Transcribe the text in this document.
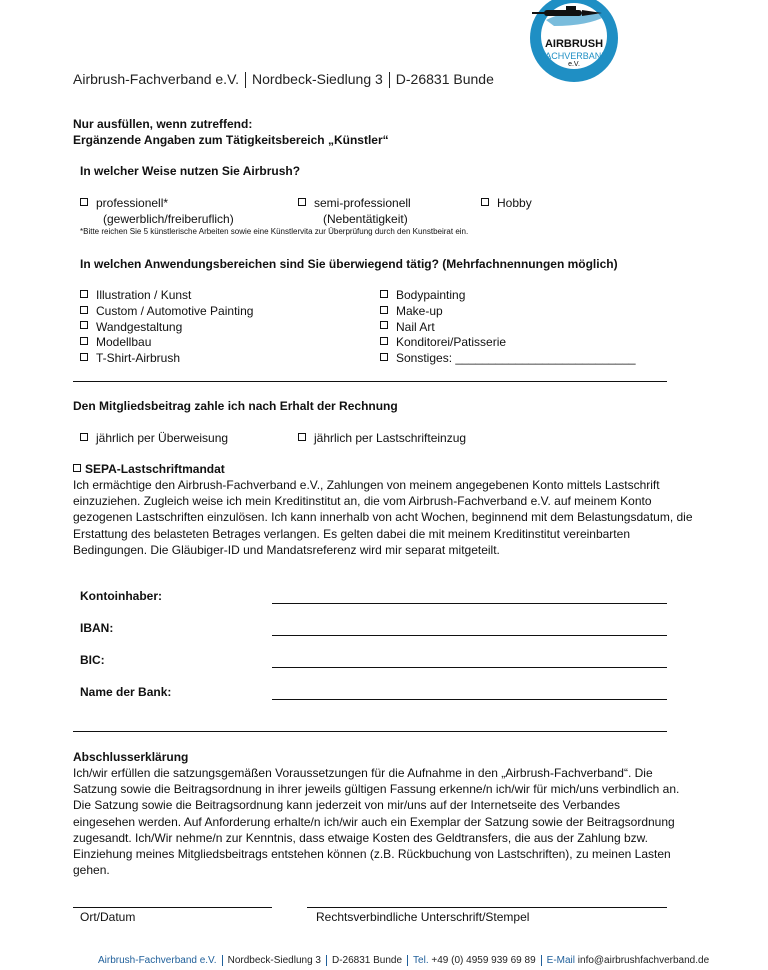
AIRBRUSH
FACHVERBAND
e.V.
Airbrush-Fachverband e.V. Nordbeck-Siedlung 3 D-26831 Bunde
Nur ausfüllen, wenn zutreffend:
Ergänzende Angaben zum Tätigkeitsbereich „Künstler“
In welcher Weise nutzen Sie Airbrush?
professionell*
(gewerblich/freiberuflich)
semi-professionell
(Nebentätigkeit)
Hobby
*Bitte reichen Sie 5 künstlerische Arbeiten sowie eine Künstlervita zur Überprüfung durch den Kunstbeirat ein.
In welchen Anwendungsbereichen sind Sie überwiegend tätig? (Mehrfachnennungen möglich)
Illustration / Kunst
Custom / Automotive Painting
Wandgestaltung
Modellbau
T-Shirt-Airbrush
Bodypainting
Make-up
Nail Art
Konditorei/Patisserie
Sonstiges: ___________________________
Den Mitgliedsbeitrag zahle ich nach Erhalt der Rechnung
jährlich per Überweisung	jährlich per Lastschrifteinzug
SEPA-Lastschriftmandat
Ich ermächtige den Airbrush-Fachverband e.V., Zahlungen von meinem angegebenen Konto mittels Lastschrift einzuziehen. Zugleich weise ich mein Kreditinstitut an, die vom Airbrush-Fachverband e.V. auf meinem Konto gezogenen Lastschriften einzulösen. Ich kann innerhalb von acht Wochen, beginnend mit dem Belastungsdatum, die Erstattung des belasteten Betrages verlangen. Es gelten dabei die mit meinem Kreditinstitut vereinbarten Bedingungen. Die Gläubiger-ID und Mandatsreferenz wird mir separat mitgeteilt.
Kontoinhaber:
IBAN:
BIC:
Name der Bank:
Abschlusserklärung
Ich/wir erfüllen die satzungsgemäßen Voraussetzungen für die Aufnahme in den „Airbrush-Fachverband“. Die Satzung sowie die Beitragsordnung in ihrer jeweils gültigen Fassung erkenne/n ich/wir für mich/uns verbindlich an. Die Satzung sowie die Beitragsordnung kann jederzeit von mir/uns auf der Internetseite des Verbandes eingesehen werden. Auf Anforderung erhalte/n ich/wir auch ein Exemplar der Satzung sowie der Beitragsordnung zugesandt. Ich/Wir nehme/n zur Kenntnis, dass etwaige Kosten des Geldtransfers, die aus der Zahlung bzw. Einziehung meines Mitgliedsbeitrags entstehen können (z.B. Rückbuchung von Lastschriften), zu meinen Lasten gehen.
Ort/Datum	Rechtsverbindliche Unterschrift/Stempel
Airbrush-Fachverband e.V. Nordbeck-Siedlung 3 D-26831 Bunde Tel. +49 (0) 4959 939 69 89 E-Mail info@airbrushfachverband.de
